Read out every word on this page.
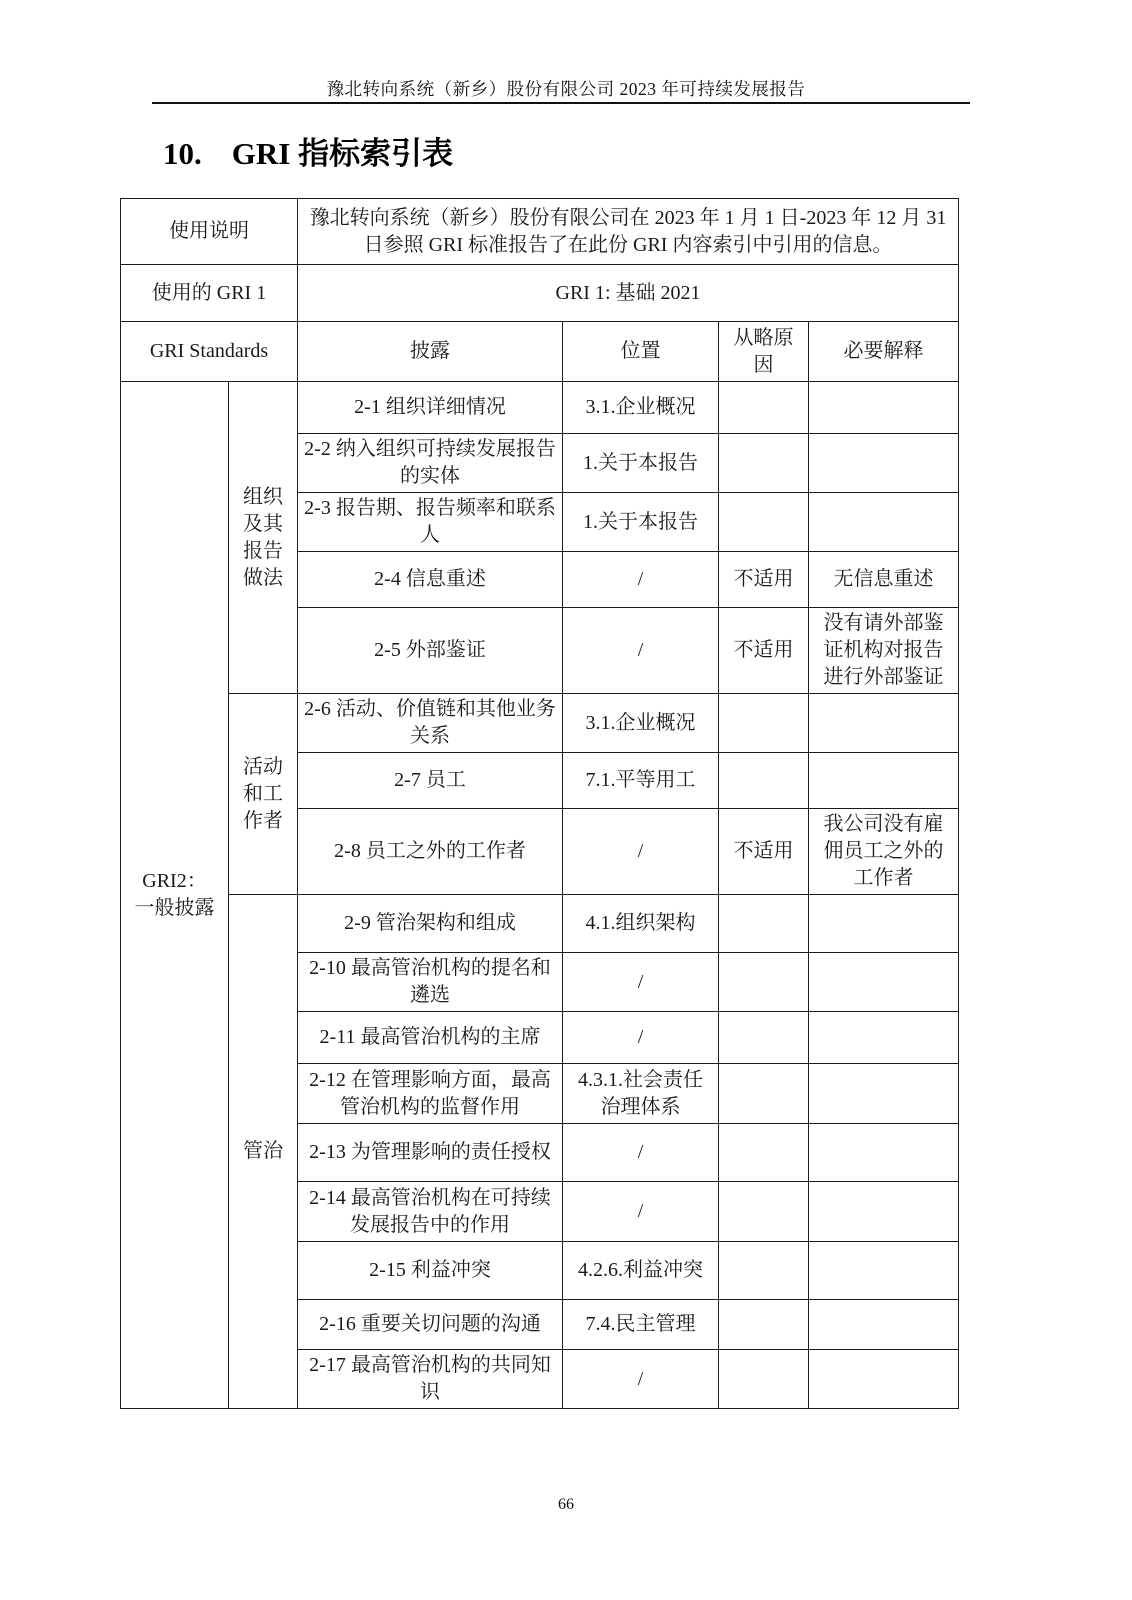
豫北转向系统（新乡）股份有限公司 2023 年可持续发展报告
10. GRI 指标索引表
使用说明		豫北转向系统（新乡）股份有限公司在 2023 年 1 月 1 日-2023 年 12 月 31 日参照 GRI 标准报告了在此份 GRI 内容索引中引用的信息。			
使用的 GRI 1		GRI 1: 基础 2021			
GRI Standards		披露	位置	从略原因	必要解释

GRI2：一般披露	组织及其报告做法	2-1 组织详细情况	3.1.企业概况		
		2-2 纳入组织可持续发展报告的实体	1.关于本报告		
		2-3 报告期、报告频率和联系人	1.关于本报告		
		2-4 信息重述	/	不适用	无信息重述
		2-5 外部鉴证	/	不适用	没有请外部鉴证机构对报告进行外部鉴证

	活动和工作者	2-6 活动、价值链和其他业务关系	3.1.企业概况		
		2-7 员工	7.1.平等用工		
		2-8 员工之外的工作者	/	不适用	我公司没有雇佣员工之外的工作者

	管治	2-9 管治架构和组成	4.1.组织架构		
		2-10 最高管治机构的提名和遴选	/		
		2-11 最高管治机构的主席	/		
		2-12 在管理影响方面，最高管治机构的监督作用	4.3.1.社会责任治理体系		
		2-13 为管理影响的责任授权	/		
		2-14 最高管治机构在可持续发展报告中的作用	/		
		2-15 利益冲突	4.2.6.利益冲突		
		2-16 重要关切问题的沟通	7.4.民主管理		
		2-17 最高管治机构的共同知识	/		
66
